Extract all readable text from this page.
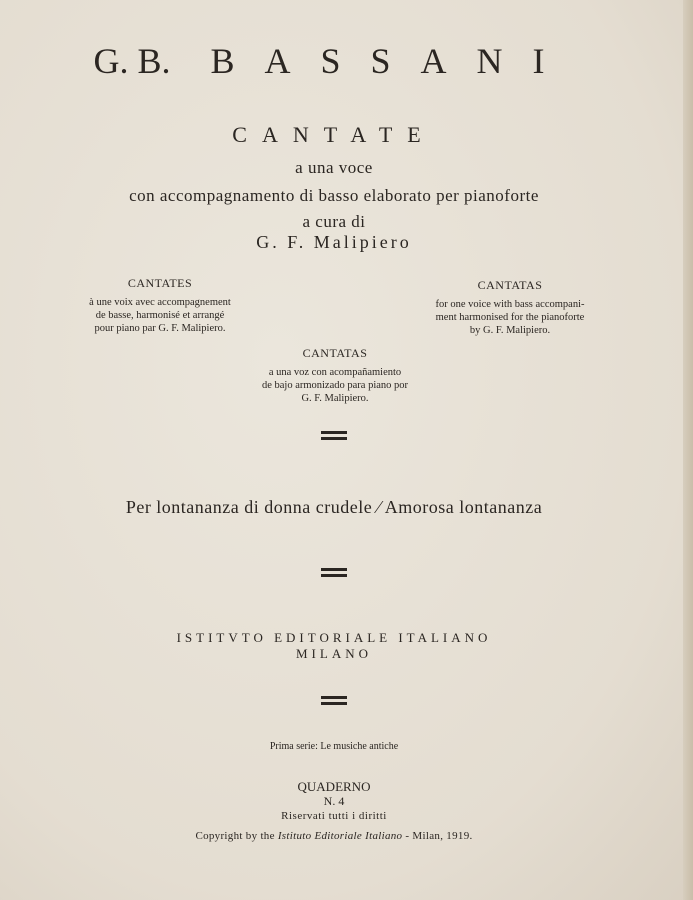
G. B. BASSANI
CANTATE
a una voce
con accompagnamento di basso elaborato per pianoforte
a cura di
G. F. Malipiero
CANTATES
à une voix avec accompagnement
de basse, harmonisé et arrangé
pour piano par G. F. Malipiero.
CANTATAS
for one voice with bass accompani-
ment harmonised for the pianoforte
by G. F. Malipiero.
CANTATAS
a una voz con acompañamiento
de bajo armonizado para piano por
G. F. Malipiero.
Per lontananza di donna crudele ⁄ Amorosa lontananza
ISTITVTO EDITORIALE ITALIANO
MILANO
Prima serie: Le musiche antiche
QUADERNO
N. 4
Riservati tutti i diritti
Copyright by the Istituto Editoriale Italiano - Milan, 1919.
